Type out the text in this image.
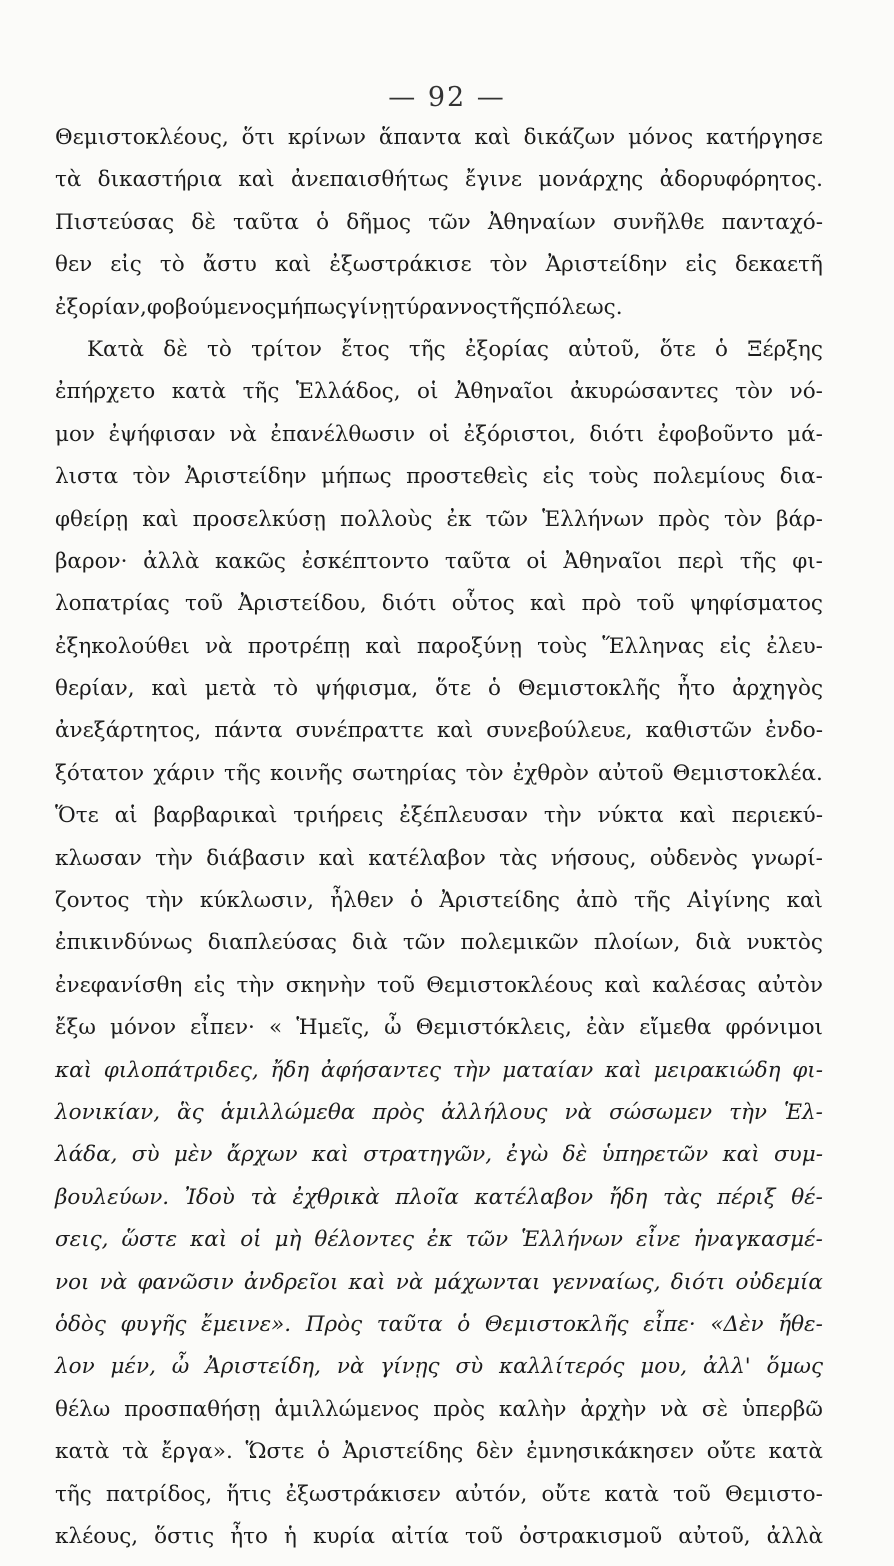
— 92 —
Θεμιστοκλέους, ὅτι κρίνων ἅπαντα καὶ δικάζων μόνος κατήργησε
τὰ δικαστήρια καὶ ἀνεπαισθήτως ἔγινε μονάρχης ἀδορυφόρητος.
Πιστεύσας δὲ ταῦτα ὁ δῆμος τῶν Ἀθηναίων συνῆλθε πανταχό-
θεν εἰς τὸ ἄστυ καὶ ἐξωστράκισε τὸν Ἀριστείδην εἰς δεκαετῆ
ἐξορίαν, φοβούμενος μήπως γίνῃ τύραννος τῆς πόλεως.
Κατὰ δὲ τὸ τρίτον ἔτος τῆς ἐξορίας αὐτοῦ, ὅτε ὁ Ξέρξης
ἐπήρχετο κατὰ τῆς Ἑλλάδος, οἱ Ἀθηναῖοι ἀκυρώσαντες τὸν νό-
μον ἐψήφισαν νὰ ἐπανέλθωσιν οἱ ἐξόριστοι, διότι ἐφοβοῦντο μά-
λιστα τὸν Ἀριστείδην μήπως προστεθεὶς εἰς τοὺς πολεμίους δια-
φθείρῃ καὶ προσελκύσῃ πολλοὺς ἐκ τῶν Ἑλλήνων πρὸς τὸν βάρ-
βαρον· ἀλλὰ κακῶς ἐσκέπτοντο ταῦτα οἱ Ἀθηναῖοι περὶ τῆς φι-
λοπατρίας τοῦ Ἀριστείδου, διότι οὗτος καὶ πρὸ τοῦ ψηφίσματος
ἐξηκολούθει νὰ προτρέπῃ καὶ παροξύνῃ τοὺς Ἕλληνας εἰς ἐλευ-
θερίαν, καὶ μετὰ τὸ ψήφισμα, ὅτε ὁ Θεμιστοκλῆς ἦτο ἀρχηγὸς
ἀνεξάρτητος, πάντα συνέπραττε καὶ συνεβούλευε, καθιστῶν ἐνδο-
ξότατον χάριν τῆς κοινῆς σωτηρίας τὸν ἐχθρὸν αὐτοῦ Θεμιστοκλέα.
Ὅτε αἱ βαρβαρικαὶ τριήρεις ἐξέπλευσαν τὴν νύκτα καὶ περιεκύ-
κλωσαν τὴν διάβασιν καὶ κατέλαβον τὰς νήσους, οὐδενὸς γνωρί-
ζοντος τὴν κύκλωσιν, ἦλθεν ὁ Ἀριστείδης ἀπὸ τῆς Αἰγίνης καὶ
ἐπικινδύνως διαπλεύσας διὰ τῶν πολεμικῶν πλοίων, διὰ νυκτὸς
ἐνεφανίσθη εἰς τὴν σκηνὴν τοῦ Θεμιστοκλέους καὶ καλέσας αὐτὸν
ἔξω μόνον εἶπεν· « Ἡμεῖς, ὦ Θεμιστόκλεις, ἐὰν εἴμεθα φρόνιμοι
καὶ φιλοπάτριδες, ἤδη ἀφήσαντες τὴν ματαίαν καὶ μειρακιώδη φι-
λονικίαν, ἃς ἁμιλλώμεθα πρὸς ἀλλήλους νὰ σώσωμεν τὴν Ἑλ-
λάδα, σὺ μὲν ἄρχων καὶ στρατηγῶν, ἐγὼ δὲ ὑπηρετῶν καὶ συμ-
βουλεύων. Ἰδοὺ τὰ ἐχθρικὰ πλοῖα κατέλαβον ἤδη τὰς πέριξ θέ-
σεις, ὥστε καὶ οἱ μὴ θέλοντες ἐκ τῶν Ἑλλήνων εἶνε ἠναγκασμέ-
νοι νὰ φανῶσιν ἀνδρεῖοι καὶ νὰ μάχωνται γενναίως, διότι οὐδεμία
ὁδὸς φυγῆς ἔμεινε». Πρὸς ταῦτα ὁ Θεμιστοκλῆς εἶπε· «Δὲν ἤθε-
λον μέν, ὦ Ἀριστείδη, νὰ γίνῃς σὺ καλλίτερός μου, ἀλλ' ὅμως
θέλω προσπαθήσῃ ἁμιλλώμενος πρὸς καλὴν ἀρχὴν νὰ σὲ ὑπερβῶ
κατὰ τὰ ἔργα». Ὥστε ὁ Ἀριστείδης δὲν ἐμνησικάκησεν οὔτε κατὰ
τῆς πατρίδος, ἥτις ἐξωστράκισεν αὐτόν, οὔτε κατὰ τοῦ Θεμιστο-
κλέους, ὅστις ἦτο ἡ κυρία αἰτία τοῦ ὀστρακισμοῦ αὐτοῦ, ἀλλὰ
